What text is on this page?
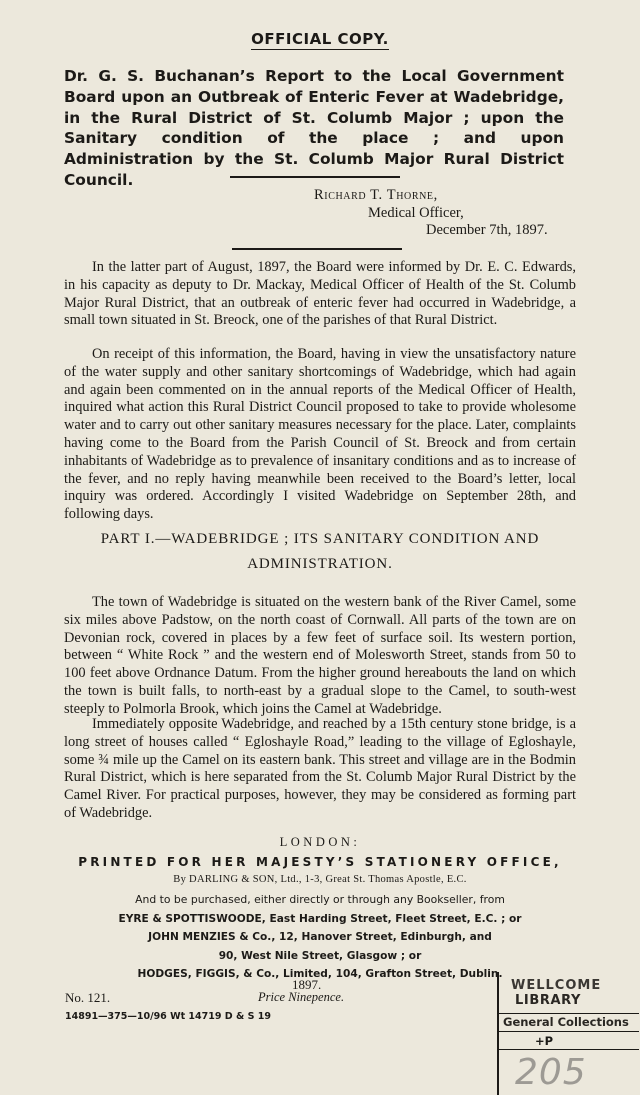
OFFICIAL COPY.
Dr. G. S. Buchanan’s Report to the Local Government Board upon an Outbreak of Enteric Fever at Wadebridge, in the Rural District of St. Columb Major ; upon the Sanitary condition of the place ; and upon Administration by the St. Columb Major Rural District Council.
Richard T. Thorne,
Medical Officer,
December 7th, 1897.

In the latter part of August, 1897, the Board were informed by Dr. E. C. Edwards, in his capacity as deputy to Dr. Mackay, Medical Officer of Health of the St. Columb Major Rural District, that an outbreak of enteric fever had occurred in Wadebridge, a small town situated in St. Breock, one of the parishes of that Rural District.

On receipt of this information, the Board, having in view the unsatisfactory nature of the water supply and other sanitary shortcomings of Wadebridge, which had again and again been commented on in the annual reports of the Medical Officer of Health, inquired what action this Rural District Council proposed to take to provide wholesome water and to carry out other sanitary measures necessary for the place. Later, complaints having come to the Board from the Parish Council of St. Breock and from certain inhabitants of Wadebridge as to prevalence of insanitary conditions and as to increase of the fever, and no reply having meanwhile been received to the Board’s letter, local inquiry was ordered. Accordingly I visited Wadebridge on September 28th, and following days.

PART I.—WADEBRIDGE ; ITS SANITARY CONDITION AND
ADMINISTRATION.

The town of Wadebridge is situated on the western bank of the River Camel, some six miles above Padstow, on the north coast of Cornwall. All parts of the town are on Devonian rock, covered in places by a few feet of surface soil. Its western portion, between “ White Rock ” and the western end of Molesworth Street, stands from 50 to 100 feet above Ordnance Datum. From the higher ground hereabouts the land on which the town is built falls, to north-east by a gradual slope to the Camel, to south-west steeply to Polmorla Brook, which joins the Camel at Wadebridge.

Immediately opposite Wadebridge, and reached by a 15th century stone bridge, is a long street of houses called “ Egloshayle Road,” leading to the village of Egloshayle, some ¾ mile up the Camel on its eastern bank. This street and village are in the Bodmin Rural District, which is here separated from the St. Columb Major Rural District by the Camel River. For practical purposes, however, they may be considered as forming part of Wadebridge.

LONDON:
PRINTED FOR HER MAJESTY’S STATIONERY OFFICE,
By DARLING & SON, Ltd., 1-3, Great St. Thomas Apostle, E.C.
And to be purchased, either directly or through any Bookseller, from
EYRE & SPOTTISWOODE, East Harding Street, Fleet Street, E.C. ; or
JOHN MENZIES & Co., 12, Hanover Street, Edinburgh, and
90, West Nile Street, Glasgow ; or
HODGES, FIGGIS, & Co., Limited, 104, Grafton Street, Dublin.
1897.
No. 121.	Price Ninepence.
14891—375—10/96 Wt 14719 D & S 19
WELLCOME
LIBRARY
General Collections
+P
205
